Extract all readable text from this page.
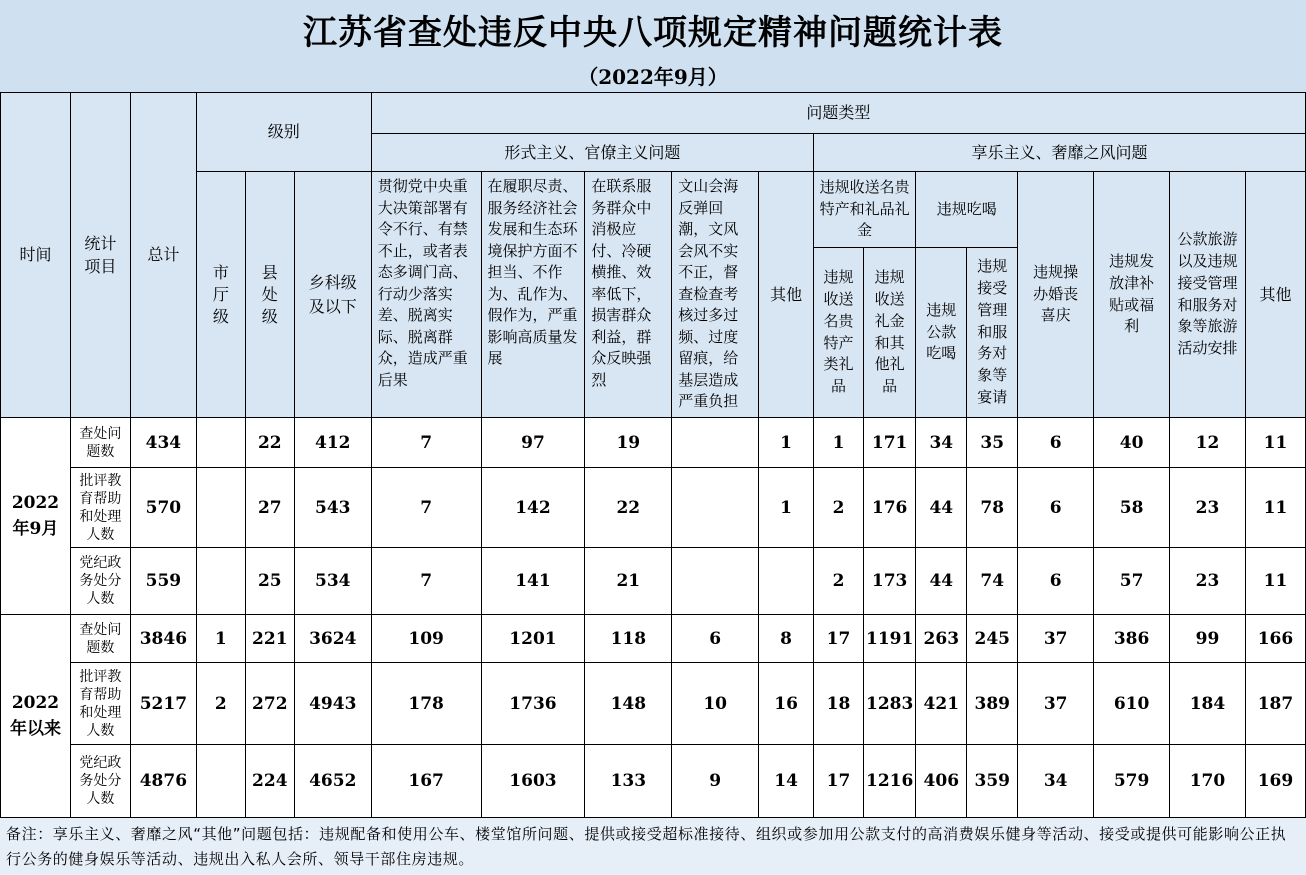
江苏省查处违反中央八项规定精神问题统计表
（2022年9月）
时间	统计项目	总计	级别			问题类型												
						形式主义、官僚主义问题					享乐主义、奢靡之风问题							
			市厅级	县处级	乡科级及以下	贯彻党中央重大决策部署有令不行、有禁不止，或者表态多调门高、行动少落实差、脱离实际、脱离群众，造成严重后果	在履职尽责、服务经济社会发展和生态环境保护方面不担当、不作为、乱作为、假作为，严重影响高质量发展	在联系服务群众中消极应付、冷硬横推、效率低下，损害群众利益，群众反映强烈	文山会海反弹回潮，文风会风不实不正，督查检查考核过多过频、过度留痕，给基层造成严重负担	其他	违规收送名贵特产和礼品礼金		违规吃喝		违规操办婚丧喜庆	违规发放津补贴或福利	公款旅游以及违规接受管理和服务对象等旅游活动安排	其他
											违规收送名贵特产类礼品	违规收送礼金和其他礼品	违规公款吃喝	违规接受管理和服务对象等宴请				
2022年9月	查处问题数	434		22	412	7	97	19		1	1	171	34	35	6	40	12	11
	批评教育帮助和处理人数	570		27	543	7	142	22		1	2	176	44	78	6	58	23	11
	党纪政务处分人数	559		25	534	7	141	21			2	173	44	74	6	57	23	11
2022年以来	查处问题数	3846	1	221	3624	109	1201	118	6	8	17	1191	263	245	37	386	99	166
	批评教育帮助和处理人数	5217	2	272	4943	178	1736	148	10	16	18	1283	421	389	37	610	184	187
	党纪政务处分人数	4876		224	4652	167	1603	133	9	14	17	1216	406	359	34	579	170	169
备注：享乐主义、奢靡之风“其他”问题包括：违规配备和使用公车、楼堂馆所问题、提供或接受超标准接待、组织或参加用公款支付的高消费娱乐健身等活动、接受或提供可能影响公正执行公务的健身娱乐等活动、违规出入私人会所、领导干部住房违规。
